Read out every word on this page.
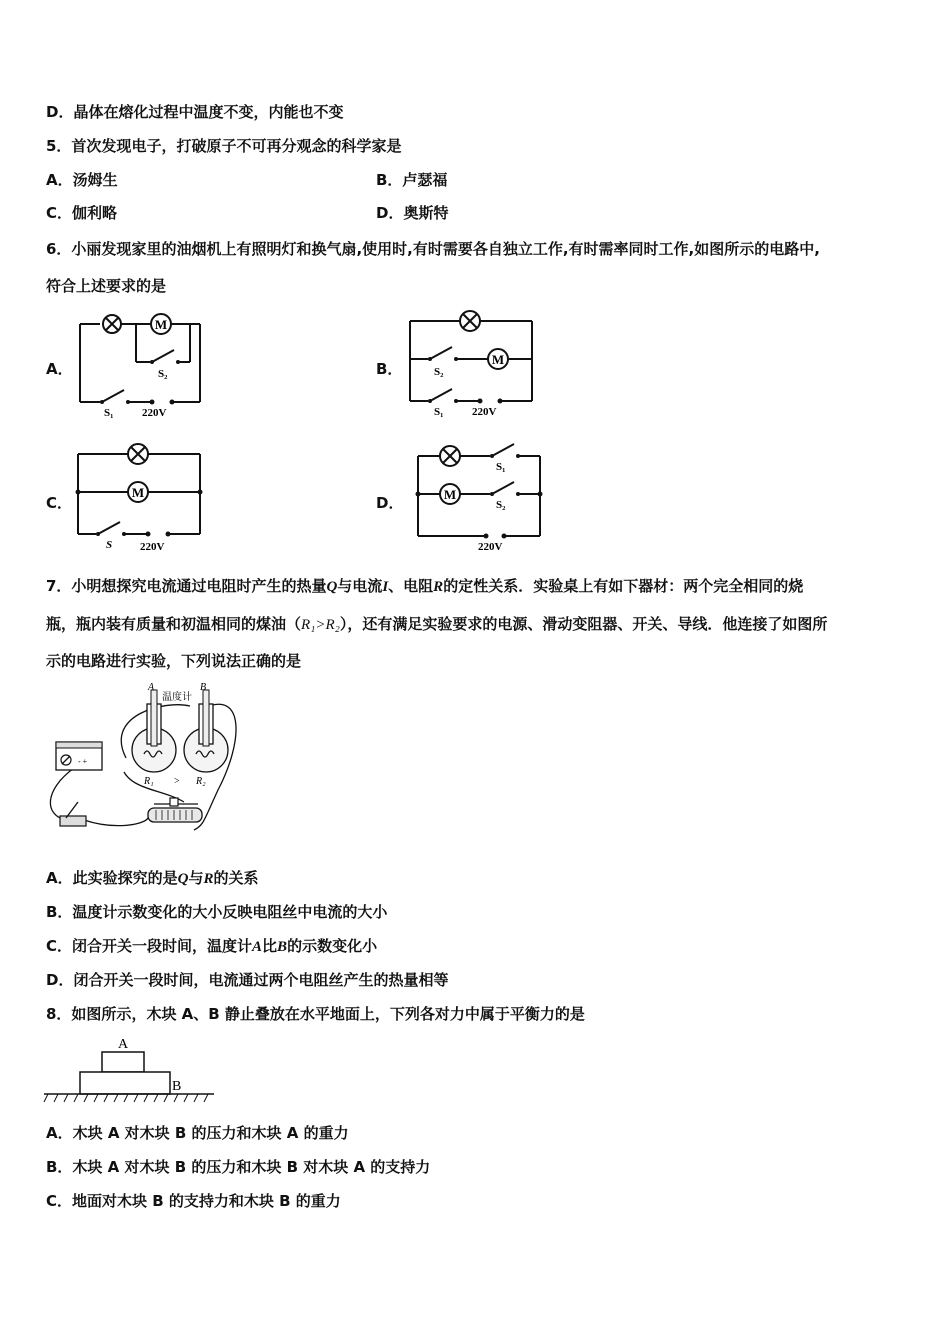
D．晶体在熔化过程中温度不变，内能也不变
5．首次发现电子，打破原子不可再分观念的科学家是
A．汤姆生	B．卢瑟福
C．伽利略	D．奥斯特
6．小丽发现家里的油烟机上有照明灯和换气扇,使用时,有时需要各自独立工作,有时需率同时工作,如图所示的电路中,
符合上述要求的是
A．	B．
C．	D．
M
S₂
S₁	220V
M
S₂
S₁	220V
M
S	220V
S₁
M
S₂
220V
7．小明想探究电流通过电阻时产生的热量Q与电流I、电阻R的定性关系．实验桌上有如下器材：两个完全相同的烧
瓶，瓶内装有质量和初温相同的煤油（R₁>R₂），还有满足实验要求的电源、滑动变阻器、开关、导线．他连接了如图所
示的电路进行实验，下列说法正确的是
- +
A	B
温度计
R₁ > R₂
A．此实验探究的是Q与R的关系
B．温度计示数变化的大小反映电阻丝中电流的大小
C．闭合开关一段时间，温度计A比B的示数变化小
D．闭合开关一段时间，电流通过两个电阻丝产生的热量相等
8．如图所示，木块 A、B 静止叠放在水平地面上，下列各对力中属于平衡力的是
A
B
A．木块 A 对木块 B 的压力和木块 A 的重力
B．木块 A 对木块 B 的压力和木块 B 对木块 A 的支持力
C．地面对木块 B 的支持力和木块 B 的重力
